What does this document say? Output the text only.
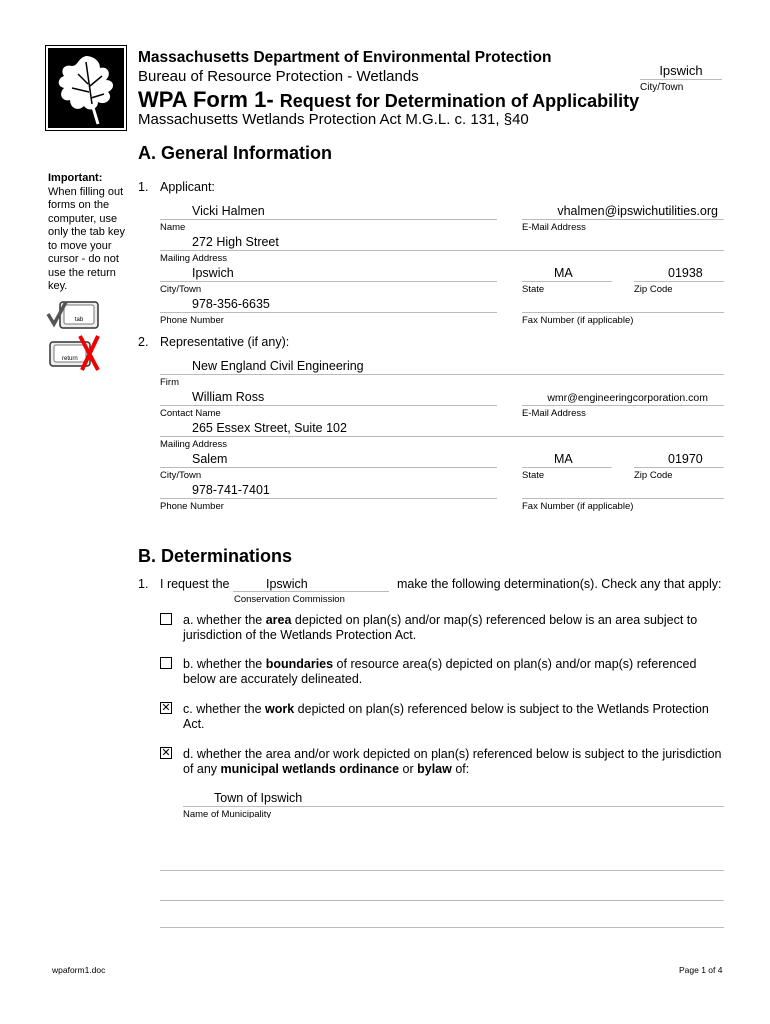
Massachusetts Department of Environmental Protection
Bureau of Resource Protection - Wetlands
WPA Form 1- Request for Determination of Applicability
Massachusetts Wetlands Protection Act M.G.L. c. 131, §40
Ipswich
City/Town
A. General Information
Important:
When filling out forms on the computer, use only the tab key to move your cursor - do not use the return key.
tab
return
1. Applicant:
Vicki Halmen
Name
vhalmen@ipswichutilities.org
E-Mail Address
272 High Street
Mailing Address
Ipswich
City/Town
MA
State
01938
Zip Code
978-356-6635
Phone Number	Fax Number (if applicable)
2. Representative (if any):
New England Civil Engineering
Firm
William Ross
Contact Name
wmr@engineeringcorporation.com
E-Mail Address
265 Essex Street, Suite 102
Mailing Address
Salem
City/Town
MA
State
01970
Zip Code
978-741-7401
Phone Number	Fax Number (if applicable)
B. Determinations
1. I request the	Ipswich
Conservation Commission
make the following determination(s). Check any that apply:
a. whether the area depicted on plan(s) and/or map(s) referenced below is an area subject to jurisdiction of the Wetlands Protection Act.
b. whether the boundaries of resource area(s) depicted on plan(s) and/or map(s) referenced below are accurately delineated.
✕ c. whether the work depicted on plan(s) referenced below is subject to the Wetlands Protection Act.
✕ d. whether the area and/or work depicted on plan(s) referenced below is subject to the jurisdiction of any municipal wetlands ordinance or bylaw of:
Town of Ipswich
Name of Municipality
wpaform1.doc	Page 1 of 4
